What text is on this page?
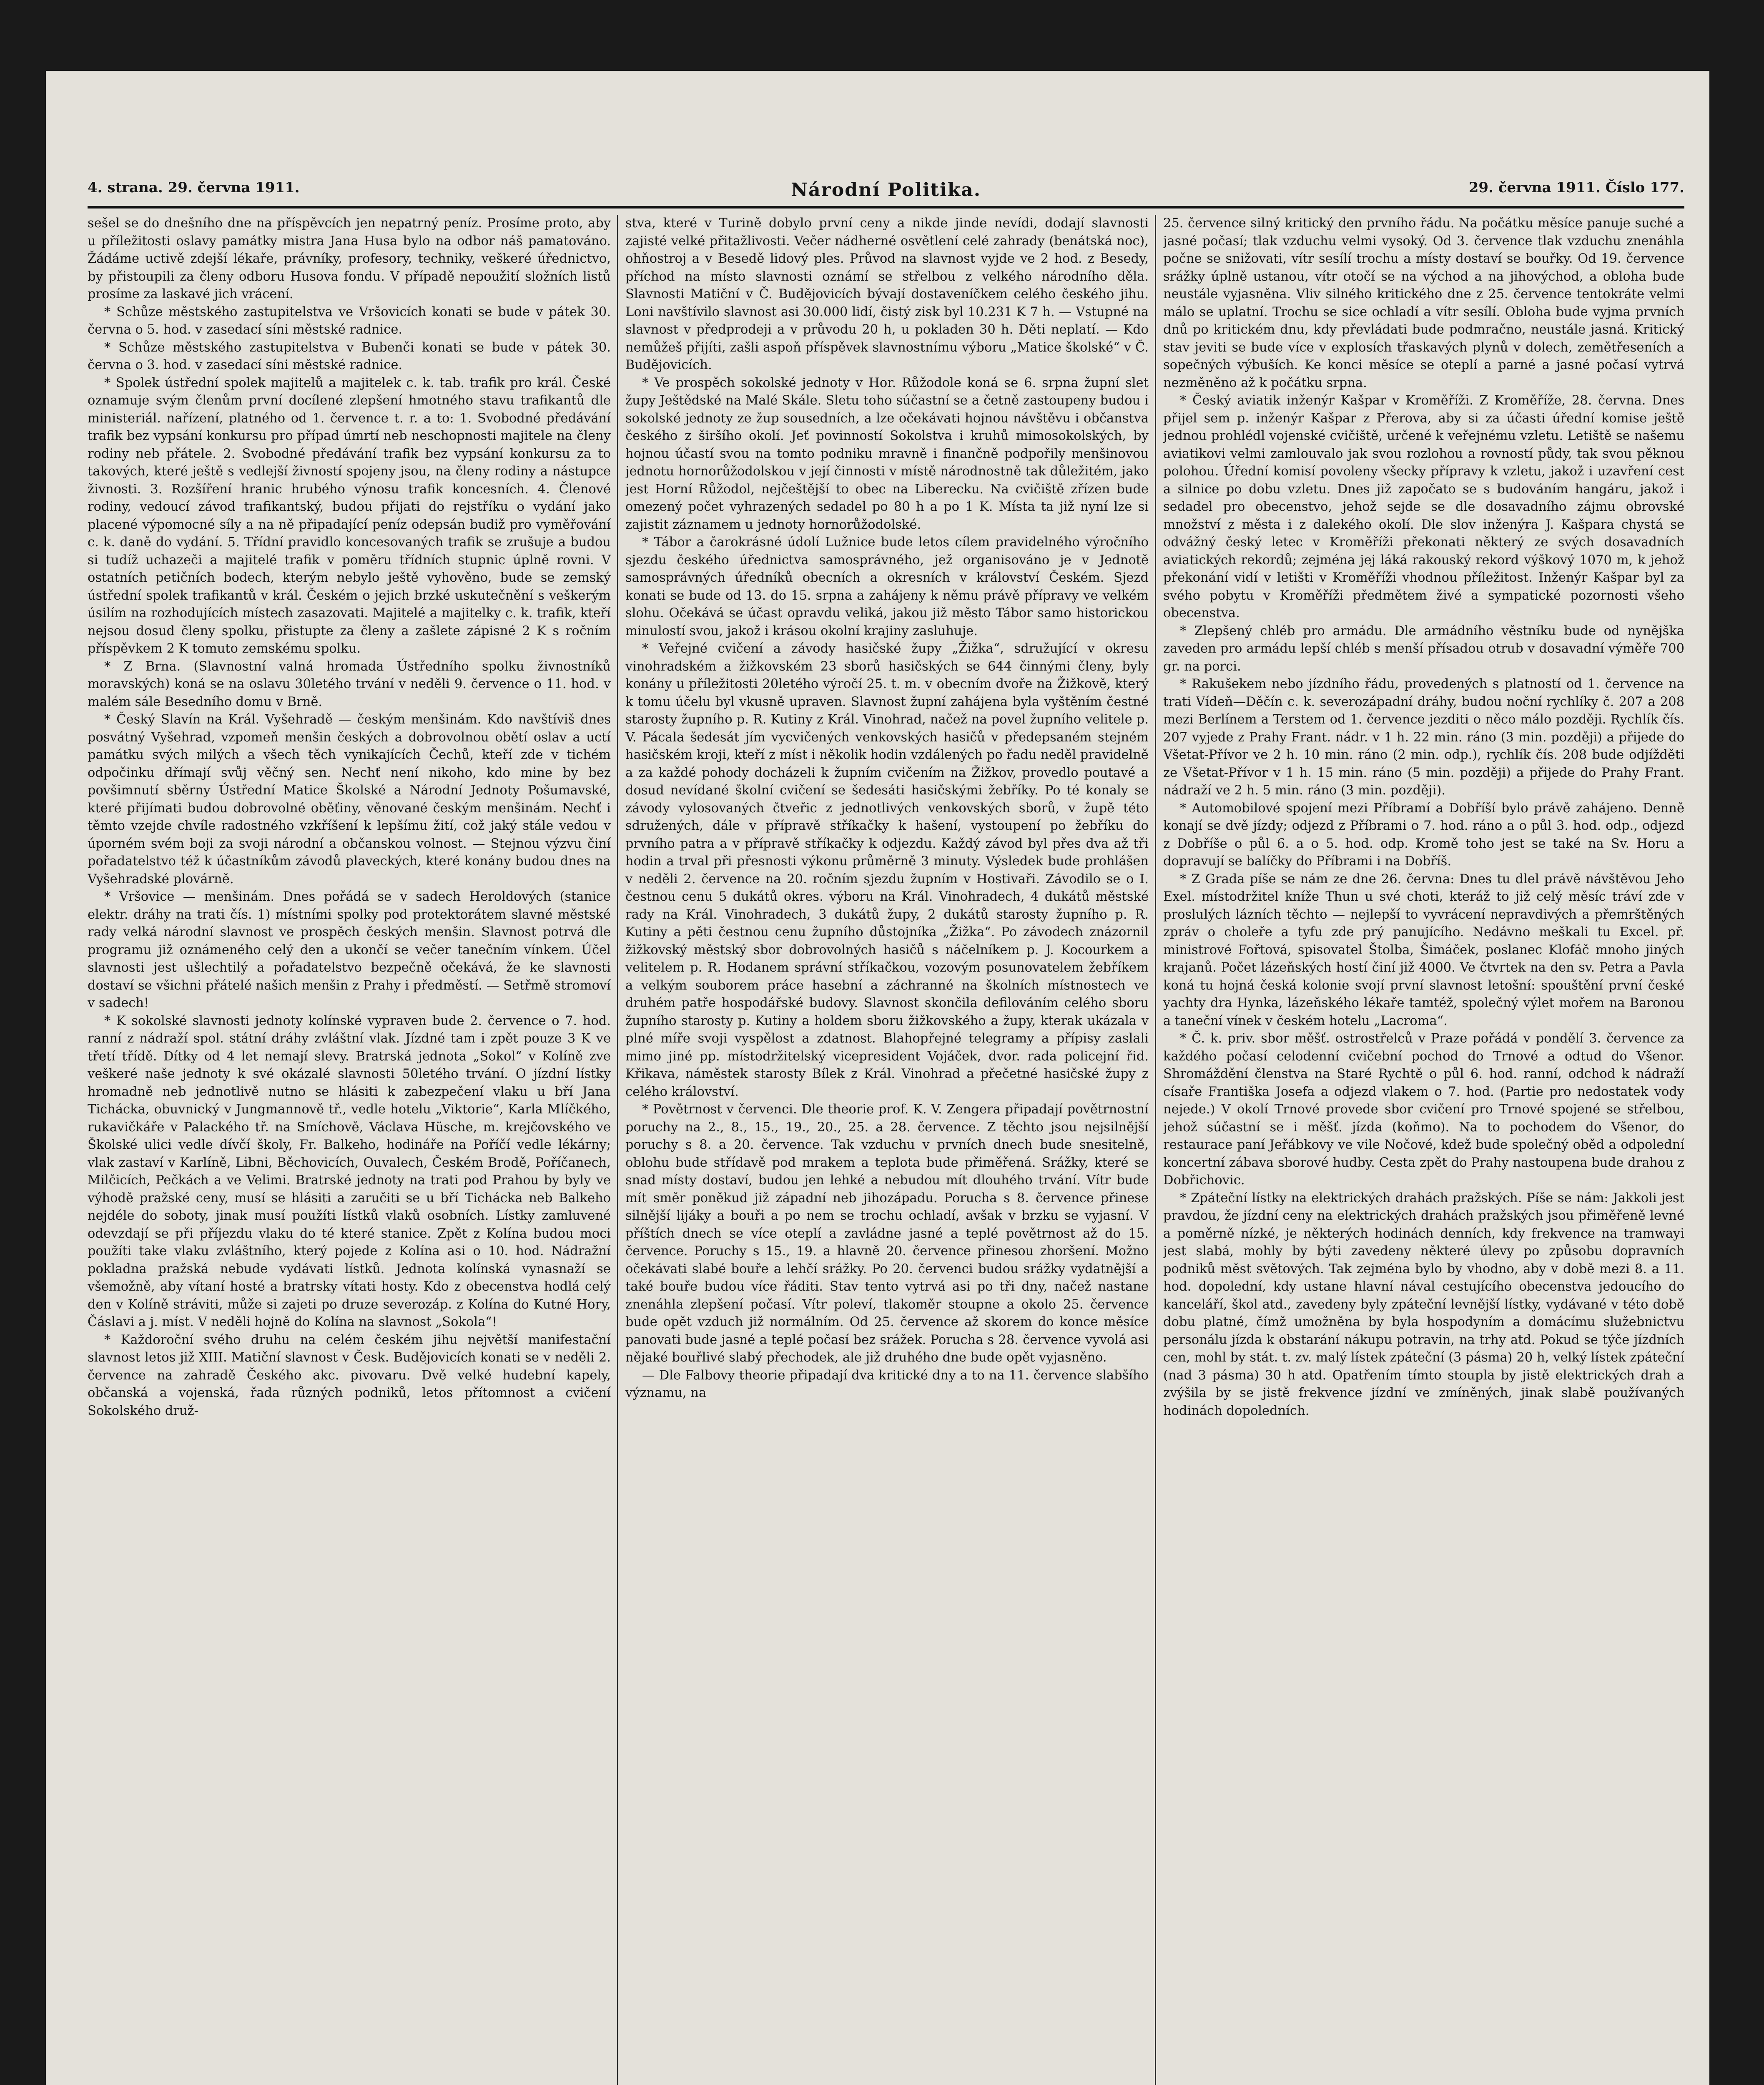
4. strana. 29. června 1911.	Národní Politika.	29. června 1911. Číslo 177.

sešel se do dnešního dne na příspěvcích jen nepatrný peníz. Prosíme proto, aby u příležitosti oslavy památky mistra Jana Husa bylo na odbor náš pamatováno. Žádáme uctivě zdejší lékaře, právníky, profesory, techniky, veškeré úřednictvo, by přistoupili za členy odboru Husova fondu. V případě nepoužití složních listů prosíme za laskavé jich vrácení.

* Schůze městského zastupitelstva ve Vršovicích konati se bude v pátek 30. června o 5. hod. v zasedací síni městské radnice.

* Schůze městského zastupitelstva v Bubenči konati se bude v pátek 30. června o 3. hod. v zasedací síni městské radnice.

* Spolek ústřední spolek majitelů a majitelek c. k. tab. trafik pro král. České oznamuje svým členům první docílené zlepšení hmotného stavu trafikantů dle ministeriál. nařízení, platného od 1. července t. r. a to: 1. Svobodné předávání trafik bez vypsání konkursu pro případ úmrtí neb neschopnosti majitele na členy rodiny neb přátele. 2. Svobodné předávání trafik bez vypsání konkursu za to takových, které ještě s vedlejší živností spojeny jsou, na členy rodiny a nástupce živnosti. 3. Rozšíření hranic hrubého výnosu trafik koncesních. 4. Členové rodiny, vedoucí závod trafikantský, budou přijati do rejstříku o vydání jako placené výpomocné síly a na ně připadající peníz odepsán budiž pro vyměřování c. k. daně do vydání. 5. Třídní pravidlo koncesovaných trafik se zrušuje a budou si tudíž uchazeči a majitelé trafik v poměru třídních stupnic úplně rovni. V ostatních petičních bodech, kterým nebylo ještě vyhověno, bude se zemský ústřední spolek trafikantů v král. Českém o jejich brzké uskutečnění s veškerým úsilím na rozhodujících místech zasazovati. Majitelé a majitelky c. k. trafik, kteří nejsou dosud členy spolku, přistupte za členy a zašlete zápisné 2 K s ročním příspěvkem 2 K tomuto zemskému spolku.

* Z Brna. (Slavnostní valná hromada Ústředního spolku živnostníků moravských) koná se na oslavu 30letého trvání v neděli 9. července o 11. hod. v malém sále Besedního domu v Brně.

* Český Slavín na Král. Vyšehradě — českým menšinám. Kdo navštíviš dnes posvátný Vyšehrad, vzpomeň menšin českých a dobrovolnou obětí oslav a uctí památku svých milých a všech těch vynikajících Čechů, kteří zde v tichém odpočinku dřímají svůj věčný sen. Nechť není nikoho, kdo mine by bez povšimnutí sběrny Ústřední Matice Školské a Národní Jednoty Pošumavské, které přijímati budou dobrovolné oběťiny, věnované českým menšinám. Nechť i těmto vzejde chvíle radostného vzkříšení k lepšímu žití, což jaký stále vedou v úporném svém boji za svoji národní a občanskou volnost. — Stejnou výzvu činí pořadatelstvo též k účastníkům závodů plaveckých, které konány budou dnes na Vyšehradské plovárně.

* Vršovice — menšinám. Dnes pořádá se v sadech Heroldových (stanice elektr. dráhy na trati čís. 1) místními spolky pod protektorátem slavné městské rady velká národní slavnost ve prospěch českých menšin. Slavnost potrvá dle programu již oznámeného celý den a ukončí se večer tanečním vínkem. Účel slavnosti jest ušlechtilý a pořadatelstvo bezpečně očekává, že ke slavnosti dostaví se všichni přátelé našich menšin z Prahy i předměstí. — Setřmě stromoví v sadech!

* K sokolské slavnosti jednoty kolínské vypraven bude 2. července o 7. hod. ranní z nádraží spol. státní dráhy zvláštní vlak. Jízdné tam i zpět pouze 3 K ve třetí třídě. Dítky od 4 let nemají slevy. Bratrská jednota „Sokol“ v Kolíně zve veškeré naše jednoty k své okázalé slavnosti 50letého trvání. O jízdní lístky hromadně neb jednotlivě nutno se hlásiti k zabezpečení vlaku u bří Jana Tichácka, obuvnický v Jungmannově tř., vedle hotelu „Viktorie“, Karla Mlíčkého, rukavičkáře v Palackého tř. na Smíchově, Václava Hüsche, m. krejčovského ve Školské ulici vedle dívčí školy, Fr. Balkeho, hodináře na Poříčí vedle lékárny; vlak zastaví v Karlíně, Libni, Běchovicích, Ouvalech, Českém Brodě, Poříčanech, Milčicích, Pečkách a ve Velimi. Bratrské jednoty na trati pod Prahou by byly ve výhodě pražské ceny, musí se hlásiti a zaručiti se u bří Tichácka neb Balkeho nejdéle do soboty, jinak musí použíti lístků vlaků osobních. Lístky zamluvené odevzdají se při příjezdu vlaku do té které stanice. Zpět z Kolína budou moci použíti take vlaku zvláštního, který pojede z Kolína asi o 10. hod. Nádražní pokladna pražská nebude vydávati lístků. Jednota kolínská vynasnaží se všemožně, aby vítaní hosté a bratrsky vítati hosty. Kdo z obecenstva hodlá celý den v Kolíně stráviti, může si zajeti po druze severozáp. z Kolína do Kutné Hory, Čáslavi a j. míst. V neděli hojně do Kolína na slavnost „Sokola“!

* Každoroční svého druhu na celém českém jihu největší manifestační slavnost letos již XIII. Matiční slavnost v Česk. Budějovicích konati se v neděli 2. července na zahradě Českého akc. pivovaru. Dvě velké hudební kapely, občanská a vojenská, řada různých podniků, letos přítomnost a cvičení Sokolského druž-

stva, které v Turině dobylo první ceny a nikde jinde nevídi, dodají slavnosti zajisté velké přitažlivosti. Večer nádherné osvětlení celé zahrady (benátská noc), ohňostroj a v Besedě lidový ples. Průvod na slavnost vyjde ve 2 hod. z Besedy, příchod na místo slavnosti oznámí se střelbou z velkého národního děla. Slavnosti Matiční v Č. Budějovicích bývají dostaveníčkem celého českého jihu. Loni navštívilo slavnost asi 30.000 lidí, čistý zisk byl 10.231 K 7 h. — Vstupné na slavnost v předprodeji a v průvodu 20 h, u pokladen 30 h. Děti neplatí. — Kdo nemůžeš přijíti, zašli aspoň příspěvek slavnostnímu výboru „Matice školské“ v Č. Budějovicích.

* Ve prospěch sokolské jednoty v Hor. Růžodole koná se 6. srpna župní slet župy Ještědské na Malé Skále. Sletu toho súčastní se a četně zastoupeny budou i sokolské jednoty ze žup sousedních, a lze očekávati hojnou návštěvu i občanstva českého z širšího okolí. Jeť povinností Sokolstva i kruhů mimosokolských, by hojnou účastí svou na tomto podniku mravně i finančně podpořily menšinovou jednotu hornorůžodolskou v její činnosti v místě národnostně tak důležitém, jako jest Horní Růžodol, nejčeštější to obec na Liberecku. Na cvičiště zřízen bude omezený počet vyhrazených sedadel po 80 h a po 1 K. Místa ta již nyní lze si zajistit záznamem u jednoty hornorůžodolské.

* Tábor a čarokrásné údolí Lužnice bude letos cílem pravidelného výročního sjezdu českého úřednictva samosprávného, jež organisováno je v Jednotě samosprávných úředníků obecních a okresních v království Českém. Sjezd konati se bude od 13. do 15. srpna a zahájeny k němu právě přípravy ve velkém slohu. Očekává se účast opravdu veliká, jakou již město Tábor samo historickou minulostí svou, jakož i krásou okolní krajiny zasluhuje.

* Veřejné cvičení a závody hasičské župy „Žižka“, sdružující v okresu vinohradském a žižkovském 23 sborů hasičských se 644 činnými členy, byly konány u příležitosti 20letého výročí 25. t. m. v obecním dvoře na Žižkově, který k tomu účelu byl vkusně upraven. Slavnost župní zahájena byla vyštěním čestné starosty župního p. R. Kutiny z Král. Vinohrad, načež na povel župního velitele p. V. Pácala šedesát jím vycvičených venkovských hasičů v předepsaném stejném hasičském kroji, kteří z míst i několik hodin vzdálených po řadu neděl pravidelně a za každé pohody docházeli k župním cvičením na Žižkov, provedlo poutavé a dosud nevídané školní cvičení se šedesáti hasičskými žebříky. Po té konaly se závody vylosovaných čtveřic z jednotlivých venkovských sborů, v župě této sdružených, dále v přípravě stříkačky k hašení, vystoupení po žebříku do prvního patra a v přípravě stříkačky k odjezdu. Každý závod byl přes dva až tři hodin a trval při přesnosti výkonu průměrně 3 minuty. Výsledek bude prohlášen v neděli 2. července na 20. ročním sjezdu župním v Hostivaři. Závodilo se o I. čestnou cenu 5 dukátů okres. výboru na Král. Vinohradech, 4 dukátů městské rady na Král. Vinohradech, 3 dukátů župy, 2 dukátů starosty župního p. R. Kutiny a pěti čestnou cenu župního důstojníka „Žižka“. Po závodech znázornil žižkovský městský sbor dobrovolných hasičů s náčelníkem p. J. Kocourkem a velitelem p. R. Hodanem správní stříkačkou, vozovým posunovatelem žebříkem a velkým souborem práce hasební a záchranné na školních místnostech ve druhém patře hospodářské budovy. Slavnost skončila defilováním celého sboru župního starosty p. Kutiny a holdem sboru žižkovského a župy, kterak ukázala v plné míře svoji vyspělost a zdatnost. Blahopřejné telegramy a přípisy zaslali mimo jiné pp. místodržitelský vicepresident Vojáček, dvor. rada policejní řid. Křikava, náměstek starosty Bílek z Král. Vinohrad a přečetné hasičské župy z celého království.

* Povětrnost v červenci. Dle theorie prof. K. V. Zengera připadají povětrnostní poruchy na 2., 8., 15., 19., 20., 25. a 28. července. Z těchto jsou nejsilnější poruchy s 8. a 20. července. Tak vzduchu v prvních dnech bude snesitelně, oblohu bude střídavě pod mrakem a teplota bude přiměřená. Srážky, které se snad místy dostaví, budou jen lehké a nebudou mít dlouhého trvání. Vítr bude mít směr poněkud již západní neb jihozápadu. Porucha s 8. července přinese silnější lijáky a bouři a po nem se trochu ochladí, avšak v brzku se vyjasní. V příštích dnech se více oteplí a zavládne jasné a teplé povětrnost až do 15. července. Poruchy s 15., 19. a hlavně 20. července přinesou zhoršení. Možno očekávati slabé bouře a lehčí srážky. Po 20. červenci budou srážky vydatnější a také bouře budou více řáditi. Stav tento vytrvá asi po tři dny, načež nastane znenáhla zlepšení počasí. Vítr poleví, tlakoměr stoupne a okolo 25. července bude opět vzduch již normálním. Od 25. července až skorem do konce měsíce panovati bude jasné a teplé počasí bez srážek. Porucha s 28. července vyvolá asi nějaké bouřlivé slabý přechodek, ale již druhého dne bude opět vyjasněno.

— Dle Falbovy theorie připadají dva kritické dny a to na 11. července slabšího významu, na

25. července silný kritický den prvního řádu. Na počátku měsíce panuje suché a jasné počasí; tlak vzduchu velmi vysoký. Od 3. července tlak vzduchu znenáhla počne se snižovati, vítr sesílí trochu a místy dostaví se bouřky. Od 19. července srážky úplně ustanou, vítr otočí se na východ a na jihovýchod, a obloha bude neustále vyjasněna. Vliv silného kritického dne z 25. července tentokráte velmi málo se uplatní. Trochu se sice ochladí a vítr sesílí. Obloha bude vyjma prvních dnů po kritickém dnu, kdy převládati bude podmračno, neustále jasná. Kritický stav jeviti se bude více v explosích třaskavých plynů v dolech, zemětřeseních a sopečných výbuších. Ke konci měsíce se oteplí a parné a jasné počasí vytrvá nezměněno až k počátku srpna.

* Český aviatik inženýr Kašpar v Kroměříži. Z Kroměříže, 28. června. Dnes přijel sem p. inženýr Kašpar z Přerova, aby si za účasti úřední komise ještě jednou prohlédl vojenské cvičiště, určené k veřejnému vzletu. Letiště se našemu aviatikovi velmi zamlouvalo jak svou rozlohou a rovností půdy, tak svou pěknou polohou. Úřední komisí povoleny všecky přípravy k vzletu, jakož i uzavření cest a silnice po dobu vzletu. Dnes již započato se s budováním hangáru, jakož i sedadel pro obecenstvo, jehož sejde se dle dosavadního zájmu obrovské množství z města i z dalekého okolí. Dle slov inženýra J. Kašpara chystá se odvážný český letec v Kroměříži překonati některý ze svých dosavadních aviatických rekordů; zejména jej láká rakouský rekord výškový 1070 m, k jehož překonání vidí v letišti v Kroměříži vhodnou příležitost. Inženýr Kašpar byl za svého pobytu v Kroměříži předmětem živé a sympatické pozornosti všeho obecenstva.

* Zlepšený chléb pro armádu. Dle armádního věstníku bude od nynějška zaveden pro armádu lepší chléb s menší přísadou otrub v dosavadní výměře 700 gr. na porci.

* Rakušekem nebo jízdního řádu, provedených s platností od 1. července na trati Vídeň—Děčín c. k. severozápadní dráhy, budou noční rychlíky č. 207 a 208 mezi Berlínem a Terstem od 1. července jezditi o něco málo později. Rychlík čís. 207 vyjede z Prahy Frant. nádr. v 1 h. 22 min. ráno (3 min. později) a přijede do Všetat-Přívor ve 2 h. 10 min. ráno (2 min. odp.), rychlík čís. 208 bude odjížděti ze Všetat-Přívor v 1 h. 15 min. ráno (5 min. později) a přijede do Prahy Frant. nádraží ve 2 h. 5 min. ráno (3 min. později).

* Automobilové spojení mezi Příbramí a Dobříší bylo právě zahájeno. Denně konají se dvě jízdy; odjezd z Příbrami o 7. hod. ráno a o půl 3. hod. odp., odjezd z Dobříše o půl 6. a o 5. hod. odp. Kromě toho jest se také na Sv. Horu a dopravují se balíčky do Příbrami i na Dobříš.

* Z Grada píše se nám ze dne 26. června: Dnes tu dlel právě návštěvou Jeho Exel. místodržitel kníže Thun u své choti, kteráž to již celý měsíc tráví zde v proslulých lázních těchto — nejlepší to vyvrácení nepravdivých a přemrštěných zpráv o choleře a tyfu zde prý panujícího. Nedávno meškali tu Excel. př. ministrové Fořtová, spisovatel Štolba, Šimáček, poslanec Klofáč mnoho jiných krajanů. Počet lázeňských hostí činí již 4000. Ve čtvrtek na den sv. Petra a Pavla koná tu hojná česká kolonie svojí první slavnost letošní: spouštění první české yachty dra Hynka, lázeňského lékaře tamtéž, společný výlet mořem na Baronou a taneční vínek v českém hotelu „Lacroma“.

* Č. k. priv. sbor měšť. ostrostřelců v Praze pořádá v pondělí 3. července za každého počasí celodenní cvičební pochod do Trnové a odtud do Všenor. Shromáždění členstva na Staré Rychtě o půl 6. hod. ranní, odchod k nádraží císaře Františka Josefa a odjezd vlakem o 7. hod. (Partie pro nedostatek vody nejede.) V okolí Trnové provede sbor cvičení pro Trnové spojené se střelbou, jehož súčastní se i měšť. jízda (koňmo). Na to pochodem do Všenor, do restaurace paní Jeřábkovy ve vile Nočové, kdež bude společný oběd a odpolední koncertní zábava sborové hudby. Cesta zpět do Prahy nastoupena bude drahou z Dobřichovic.

* Zpáteční lístky na elektrických drahách pražských. Píše se nám: Jakkoli jest pravdou, že jízdní ceny na elektrických drahách pražských jsou přiměřeně levné a poměrně nízké, je některých hodinách denních, kdy frekvence na tramwayi jest slabá, mohly by býti zavedeny některé úlevy po způsobu dopravních podniků měst světových. Tak zejména bylo by vhodno, aby v době mezi 8. a 11. hod. dopolední, kdy ustane hlavní nával cestujícího obecenstva jedoucího do kanceláří, škol atd., zavedeny byly zpáteční levnější lístky, vydávané v této době dobu platné, čímž umožněna by byla hospodyním a domácímu služebnictvu personálu jízda k obstarání nákupu potravin, na trhy atd. Pokud se týče jízdních cen, mohl by stát. t. zv. malý lístek zpáteční (3 pásma) 20 h, velký lístek zpáteční (nad 3 pásma) 30 h atd. Opatřením tímto stoupla by jistě elektrických drah a zvýšila by se jistě frekvence jízdní ve zmíněných, jinak slabě používaných hodinách dopoledních.
